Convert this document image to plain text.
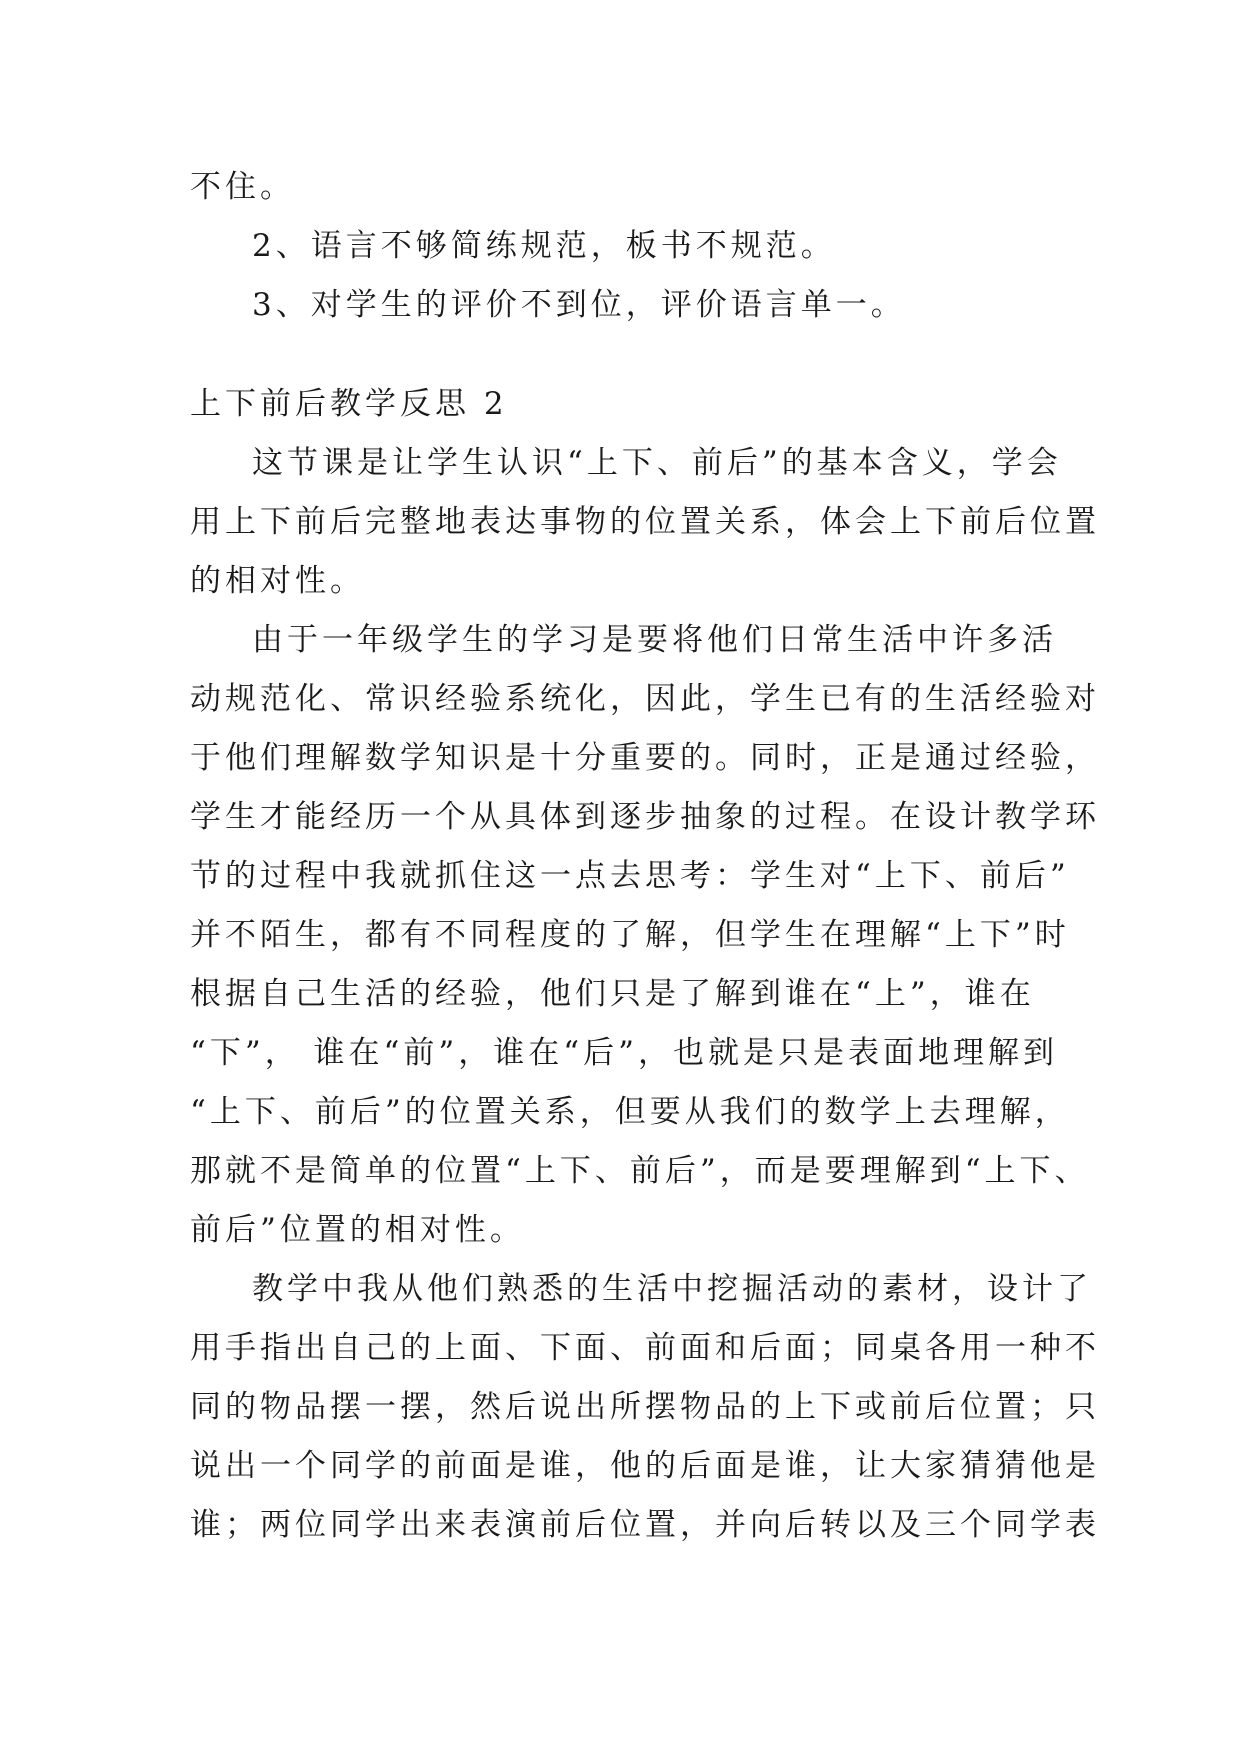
不住。

2、语言不够简练规范，板书不规范。

3、对学生的评价不到位，评价语言单一。

上下前后教学反思 2

这节课是让学生认识“上下、前后”的基本含义，学会

用上下前后完整地表达事物的位置关系，体会上下前后位置

的相对性。

由于一年级学生的学习是要将他们日常生活中许多活

动规范化、常识经验系统化，因此，学生已有的生活经验对

于他们理解数学知识是十分重要的。同时，正是通过经验，

学生才能经历一个从具体到逐步抽象的过程。在设计教学环

节的过程中我就抓住这一点去思考：学生对“上下、前后”

并不陌生，都有不同程度的了解，但学生在理解“上下”时

根据自己生活的经验，他们只是了解到谁在“上”，谁在

“下”， 谁在“前”，谁在“后”，也就是只是表面地理解到

“上下、前后”的位置关系，但要从我们的数学上去理解，

那就不是简单的位置“上下、前后”，而是要理解到“上下、

前后”位置的相对性。

教学中我从他们熟悉的生活中挖掘活动的素材，设计了

用手指出自己的上面、下面、前面和后面；同桌各用一种不

同的物品摆一摆，然后说出所摆物品的上下或前后位置；只

说出一个同学的前面是谁，他的后面是谁，让大家猜猜他是

谁；两位同学出来表演前后位置，并向后转以及三个同学表
